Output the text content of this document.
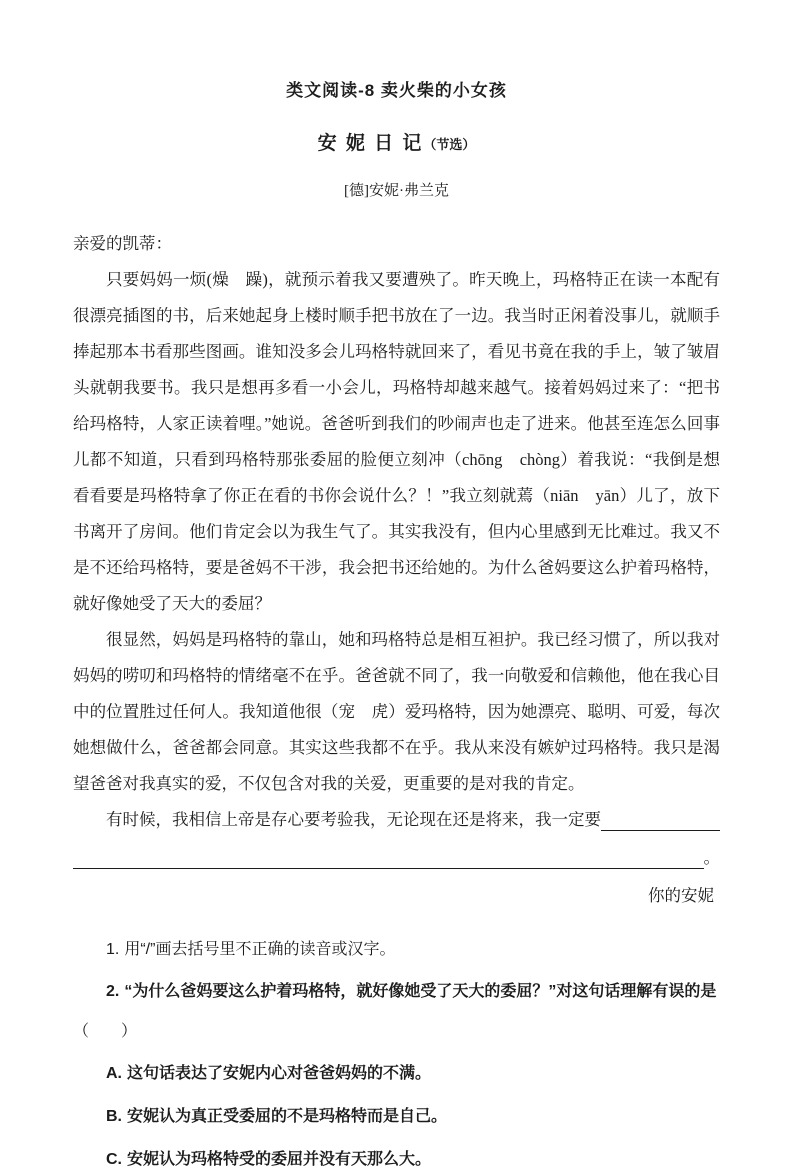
类文阅读-8 卖火柴的小女孩
安 妮 日 记（节选）
[德]安妮·弗兰克

亲爱的凯蒂：

只要妈妈一烦(燥　躁)，就预示着我又要遭殃了。昨天晚上，玛格特正在读一本配有很漂亮插图的书，后来她起身上楼时顺手把书放在了一边。我当时正闲着没事儿，就顺手捧起那本书看那些图画。谁知没多会儿玛格特就回来了，看见书竟在我的手上，皱了皱眉头就朝我要书。我只是想再多看一小会儿，玛格特却越来越气。接着妈妈过来了：“把书给玛格特，人家正读着哩。”她说。爸爸听到我们的吵闹声也走了进来。他甚至连怎么回事儿都不知道，只看到玛格特那张委屈的脸便立刻冲（chōng　chòng）着我说：“我倒是想看看要是玛格特拿了你正在看的书你会说什么？！”我立刻就蔫（niān　yān）儿了，放下书离开了房间。他们肯定会以为我生气了。其实我没有，但内心里感到无比难过。我又不是不还给玛格特，要是爸妈不干涉，我会把书还给她的。为什么爸妈要这么护着玛格特，就好像她受了天大的委屈？

很显然，妈妈是玛格特的靠山，她和玛格特总是相互袒护。我已经习惯了，所以我对妈妈的唠叨和玛格特的情绪毫不在乎。爸爸就不同了，我一向敬爱和信赖他，他在我心目中的位置胜过任何人。我知道他很（宠　虎）爱玛格特，因为她漂亮、聪明、可爱，每次她想做什么，爸爸都会同意。其实这些我都不在乎。我从来没有嫉妒过玛格特。我只是渴望爸爸对我真实的爱，不仅包含对我的关爱，更重要的是对我的肯定。

有时候，我相信上帝是存心要考验我，无论现在还是将来，我一定要
。
你的安妮
1. 用“/”画去括号里不正确的读音或汉字。
2. “为什么爸妈要这么护着玛格特，就好像她受了天大的委屈？”对这句话理解有误的是
（　　）
A. 这句话表达了安妮内心对爸爸妈妈的不满。
B. 安妮认为真正受委屈的不是玛格特而是自己。
C. 安妮认为玛格特受的委屈并没有天那么大。
